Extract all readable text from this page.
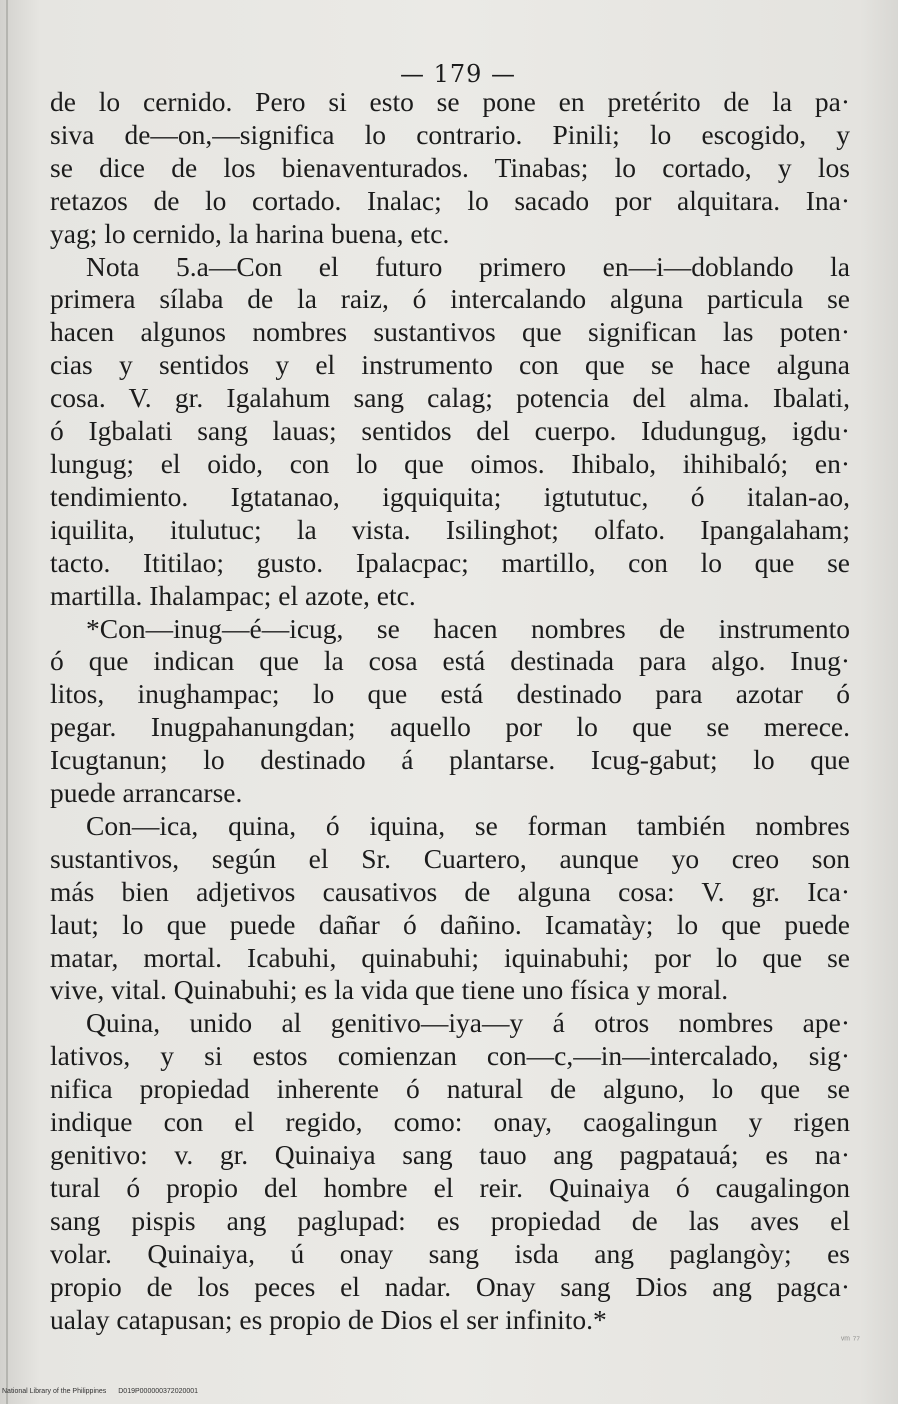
— 179 —

de lo cernido. Pero si esto se pone en pretérito de la pa·
siva de—on,—significa lo contrario. Pinili; lo escogido, y
se dice de los bienaventurados. Tinabas; lo cortado, y los
retazos de lo cortado. Inalac; lo sacado por alquitara. Ina·
yag; lo cernido, la harina buena, etc.

Nota 5.a—Con el futuro primero en—i—doblando la
primera sílaba de la raiz, ó intercalando alguna particula se
hacen algunos nombres sustantivos que significan las poten·
cias y sentidos y el instrumento con que se hace alguna
cosa. V. gr. Igalahum sang calag; potencia del alma. Ibalati,
ó Igbalati sang lauas; sentidos del cuerpo. Idudungug, igdu·
lungug; el oido, con lo que oimos. Ihibalo, ihihibaló; en·
tendimiento. Igtatanao, igquiquita; igtututuc, ó italan-ao,
iquilita, itulutuc; la vista. Isilinghot; olfato. Ipangalaham;
tacto. Ititilao; gusto. Ipalacpac; martillo, con lo que se
martilla. Ihalampac; el azote, etc.

*Con—inug—é—icug, se hacen nombres de instrumento
ó que indican que la cosa está destinada para algo. Inug·
litos, inughampac; lo que está destinado para azotar ó
pegar. Inugpahanungdan; aquello por lo que se merece.
Icugtanun; lo destinado á plantarse. Icug-gabut; lo que
puede arrancarse.

Con—ica, quina, ó iquina, se forman también nombres
sustantivos, según el Sr. Cuartero, aunque yo creo son
más bien adjetivos causativos de alguna cosa: V. gr. Ica·
laut; lo que puede dañar ó dañino. Icamatày; lo que puede
matar, mortal. Icabuhi, quinabuhi; iquinabuhi; por lo que se
vive, vital. Quinabuhi; es la vida que tiene uno física y moral.

Quina, unido al genitivo—iya—y á otros nombres ape·
lativos, y si estos comienzan con—c,—in—intercalado, sig·
nifica propiedad inherente ó natural de alguno, lo que se
indique con el regido, como: onay, caogalingun y rigen
genitivo: v. gr. Quinaiya sang tauo ang pagpatauá; es na·
tural ó propio del hombre el reir. Quinaiya ó caugalingon
sang pispis ang paglupad: es propiedad de las aves el
volar. Quinaiya, ú onay sang isda ang paglangòy; es
propio de los peces el nadar. Onay sang Dios ang pagca·
ualay catapusan; es propio de Dios el ser infinito.*

ᵛᵐ ⁷⁷
National Library of the Philippines D019P000000372020001
